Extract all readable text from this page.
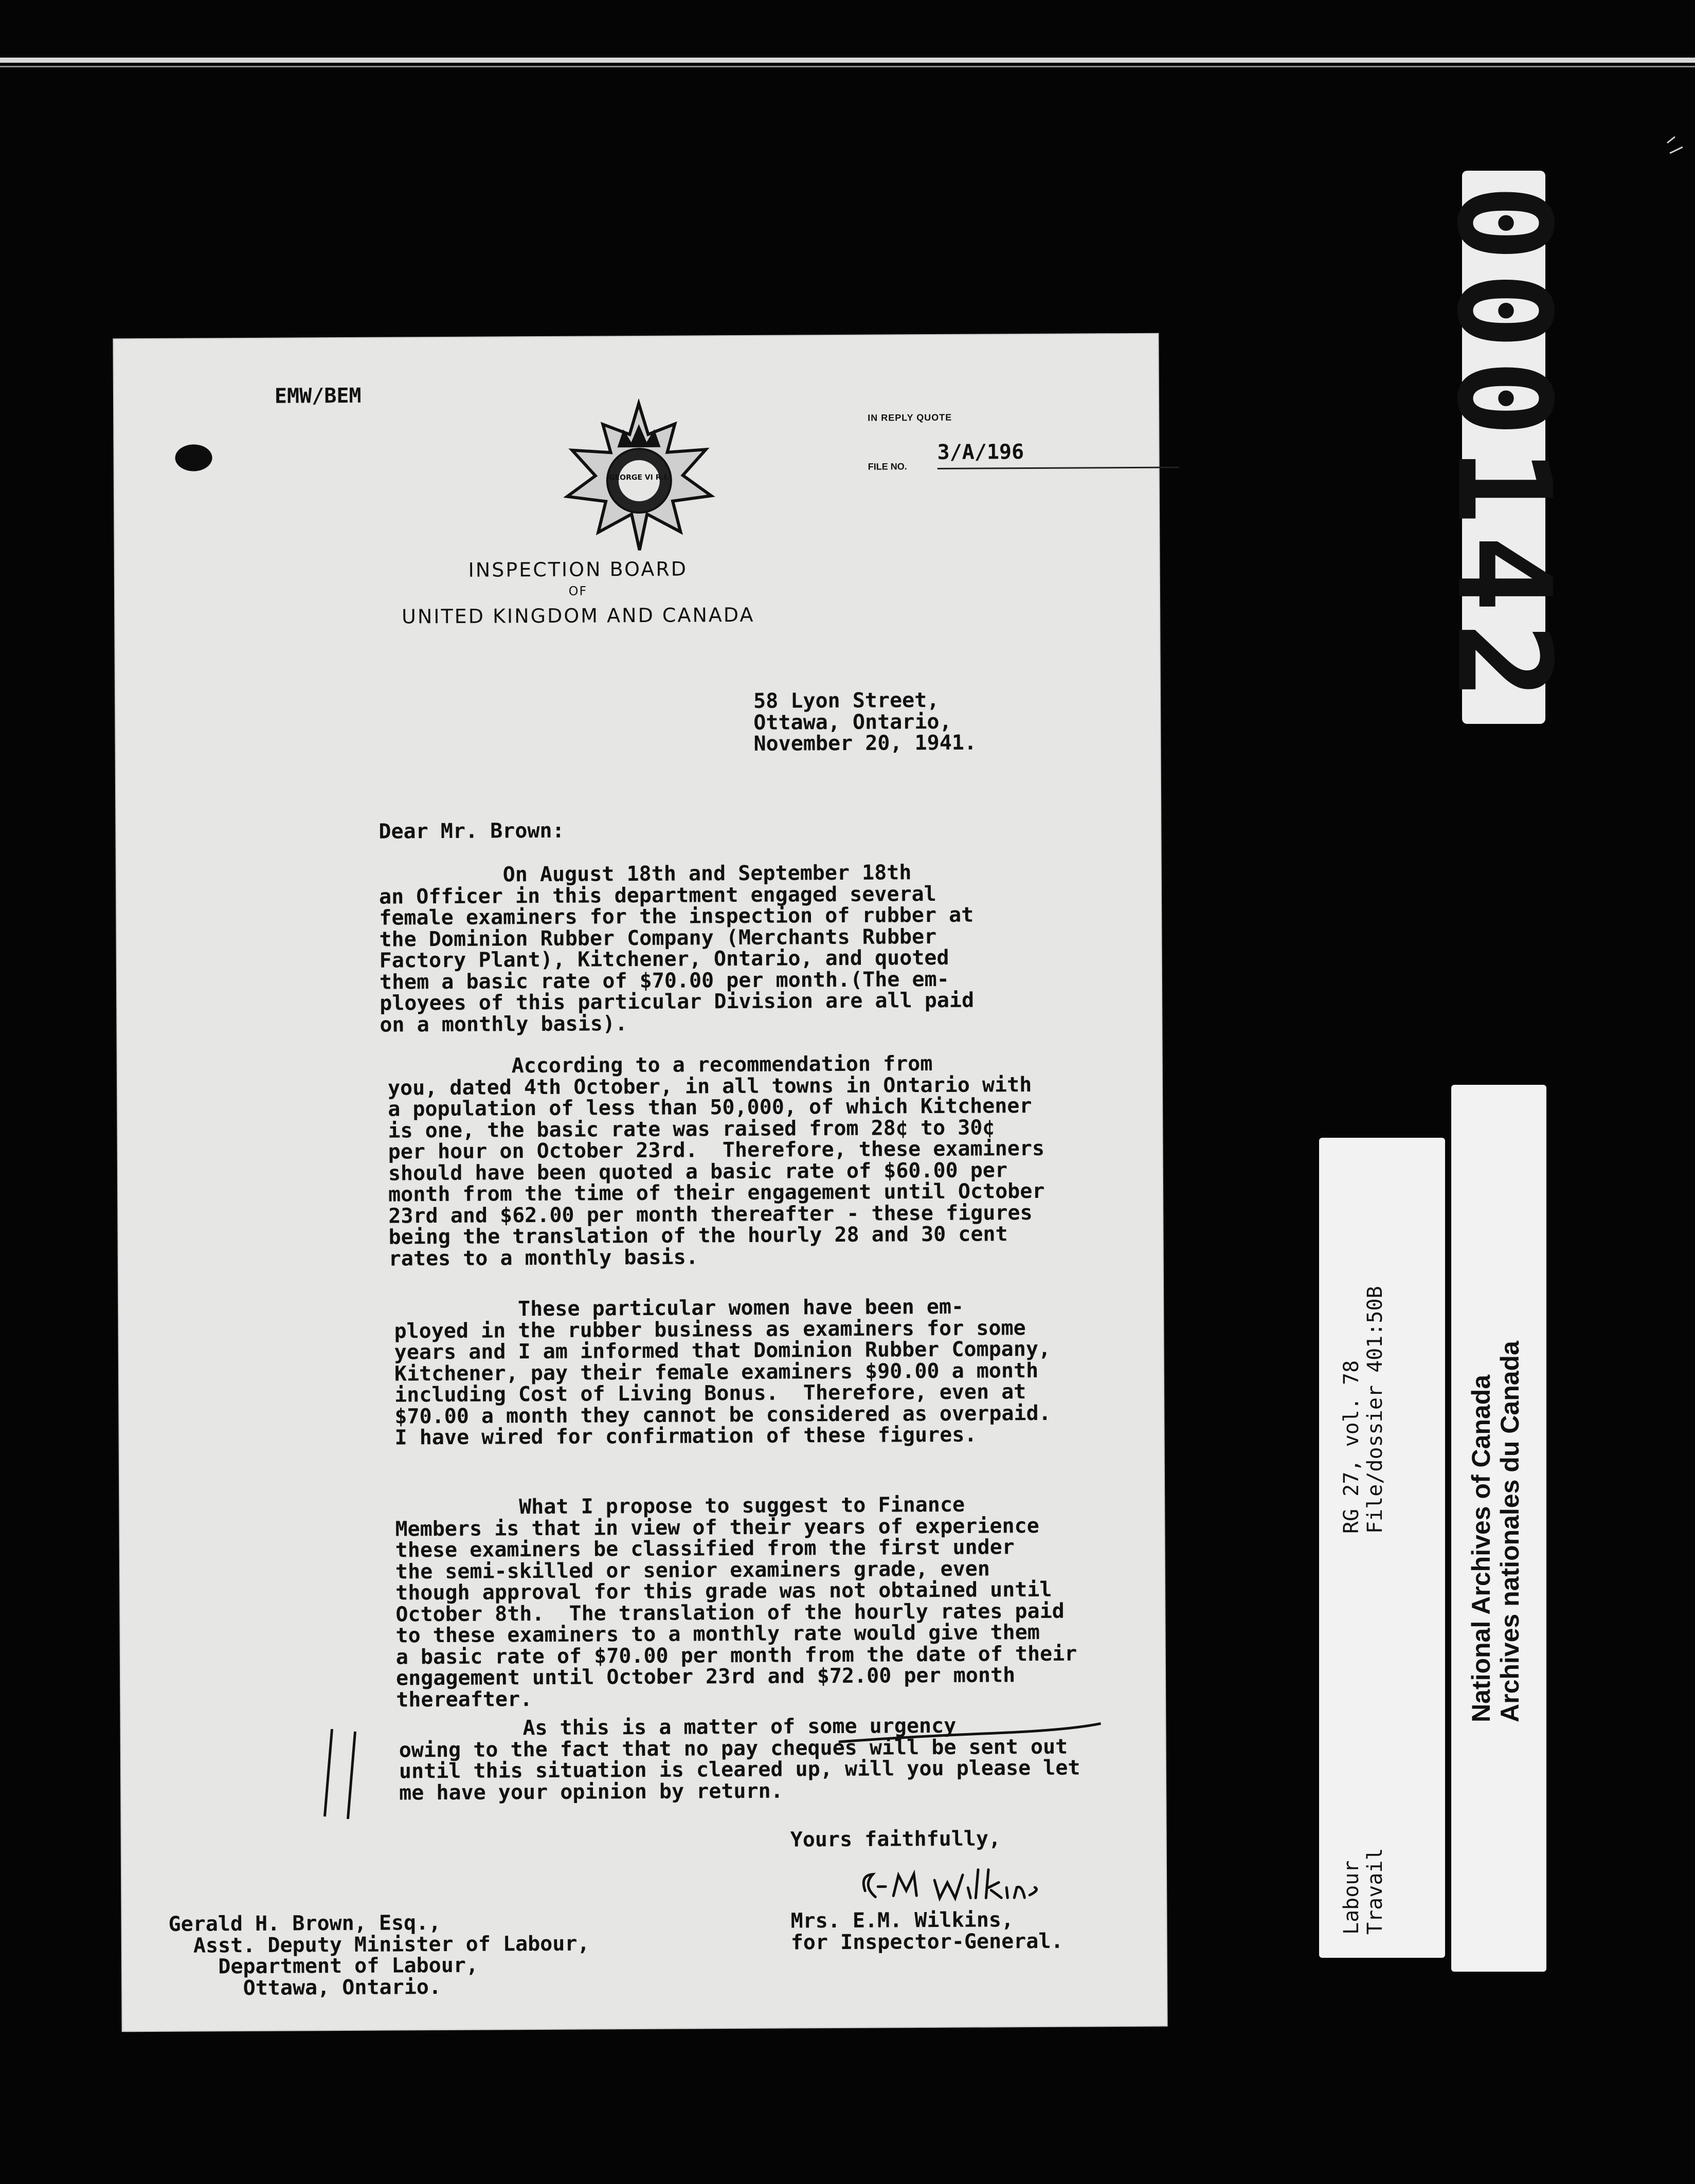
000142
EMW/BEM
GEORGE VI R.I.
IN REPLY QUOTE
FILE NO.
3/A/196
INSPECTION BOARD
OF
UNITED KINGDOM AND CANADA
58 Lyon Street,
Ottawa, Ontario,
November 20, 1941.
Dear Mr. Brown:
On August 18th and September 18th
an Officer in this department engaged several
female examiners for the inspection of rubber at
the Dominion Rubber Company (Merchants Rubber
Factory Plant), Kitchener, Ontario, and quoted
them a basic rate of $70.00 per month.(The em-
ployees of this particular Division are all paid
on a monthly basis).
According to a recommendation from
you, dated 4th October, in all towns in Ontario with
a population of less than 50,000, of which Kitchener
is one, the basic rate was raised from 28¢ to 30¢
per hour on October 23rd.  Therefore, these examiners
should have been quoted a basic rate of $60.00 per
month from the time of their engagement until October
23rd and $62.00 per month thereafter - these figures
being the translation of the hourly 28 and 30 cent
rates to a monthly basis.
These particular women have been em-
ployed in the rubber business as examiners for some
years and I am informed that Dominion Rubber Company,
Kitchener, pay their female examiners $90.00 a month
including Cost of Living Bonus.  Therefore, even at
$70.00 a month they cannot be considered as overpaid.
I have wired for confirmation of these figures.
What I propose to suggest to Finance
Members is that in view of their years of experience
these examiners be classified from the first under
the semi-skilled or senior examiners grade, even
though approval for this grade was not obtained until
October 8th.  The translation of the hourly rates paid
to these examiners to a monthly rate would give them
a basic rate of $70.00 per month from the date of their
engagement until October 23rd and $72.00 per month
thereafter.
As this is a matter of some urgency
owing to the fact that no pay cheques will be sent out
until this situation is cleared up, will you please let
me have your opinion by return.
Yours faithfully,
Mrs. E.M. Wilkins,
for Inspector-General.
Gerald H. Brown, Esq.,
Asst. Deputy Minister of Labour,
Department of Labour,
Ottawa, Ontario.
RG 27, vol. 78
File/dossier 401:50B
Labour
Travail
National Archives of Canada
Archives nationales du Canada
